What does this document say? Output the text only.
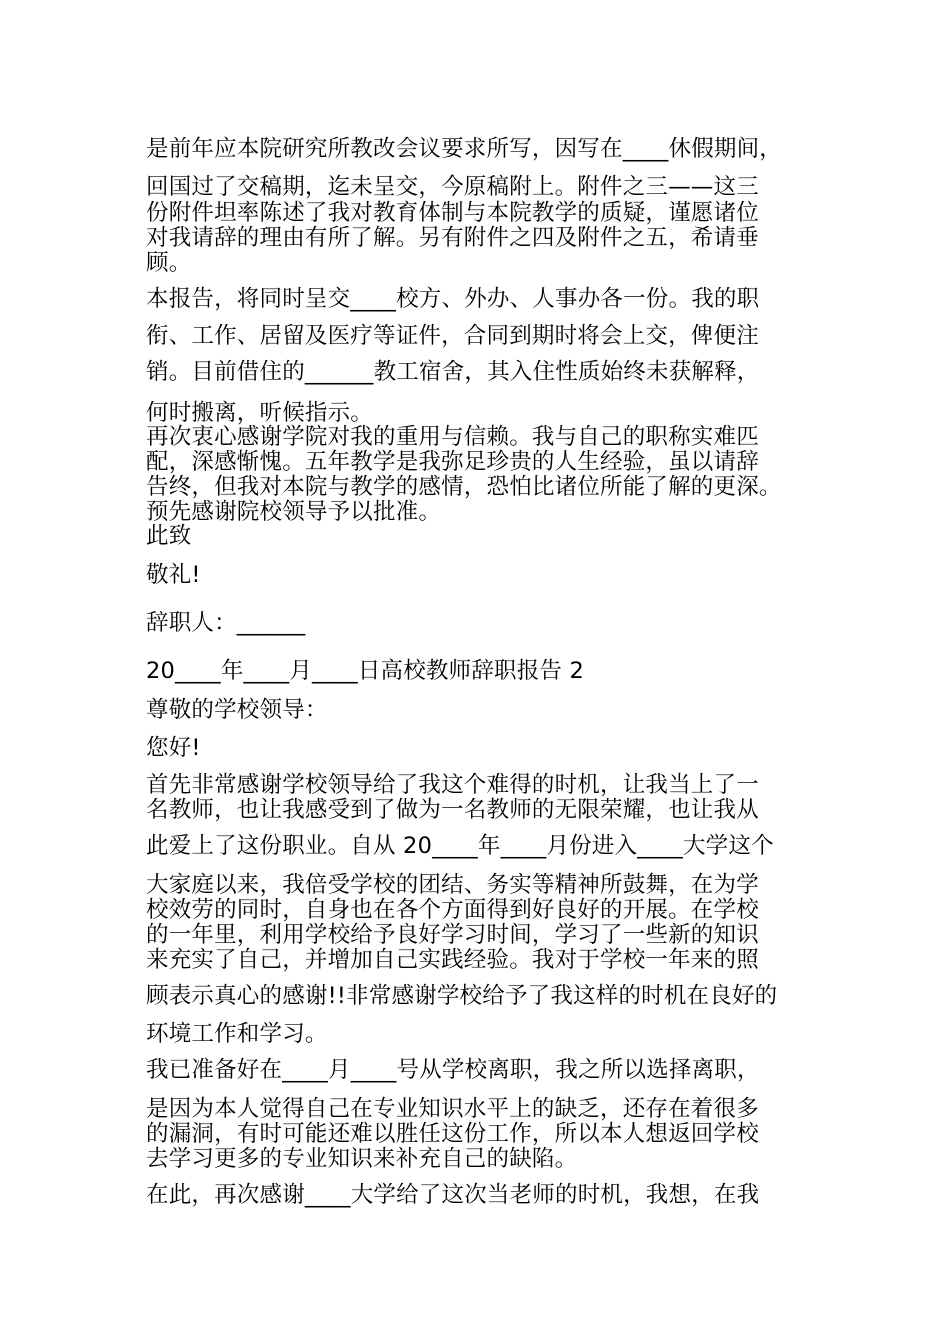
是前年应本院研究所教改会议要求所写，因写在____休假期间，
回国过了交稿期，迄未呈交，今原稿附上。附件之三——这三
份附件坦率陈述了我对教育体制与本院教学的质疑，谨愿诸位
对我请辞的理由有所了解。另有附件之四及附件之五，希请垂
顾。
本报告，将同时呈交____校方、外办、人事办各一份。我的职
衔、工作、居留及医疗等证件，合同到期时将会上交，俾便注
销。目前借住的______教工宿舍，其入住性质始终未获解释，
何时搬离，听候指示。
再次衷心感谢学院对我的重用与信赖。我与自己的职称实难匹
配，深感惭愧。五年教学是我弥足珍贵的人生经验，虽以请辞
告终，但我对本院与教学的感情，恐怕比诸位所能了解的更深。
预先感谢院校领导予以批准。
此致
敬礼!
辞职人：______
20____年____月____日高校教师辞职报告 2
尊敬的学校领导：
您好!
首先非常感谢学校领导给了我这个难得的时机，让我当上了一
名教师，也让我感受到了做为一名教师的无限荣耀，也让我从
此爱上了这份职业。自从 20____年____月份进入____大学这个
大家庭以来，我倍受学校的团结、务实等精神所鼓舞，在为学
校效劳的同时，自身也在各个方面得到好良好的开展。在学校
的一年里，利用学校给予良好学习时间，学习了一些新的知识
来充实了自己，并增加自己实践经验。我对于学校一年来的照
顾表示真心的感谢!!非常感谢学校给予了我这样的时机在良好的
环境工作和学习。
我已准备好在____月____号从学校离职，我之所以选择离职，
是因为本人觉得自己在专业知识水平上的缺乏，还存在着很多
的漏洞，有时可能还难以胜任这份工作，所以本人想返回学校
去学习更多的专业知识来补充自己的缺陷。
在此，再次感谢____大学给了这次当老师的时机，我想，在我
